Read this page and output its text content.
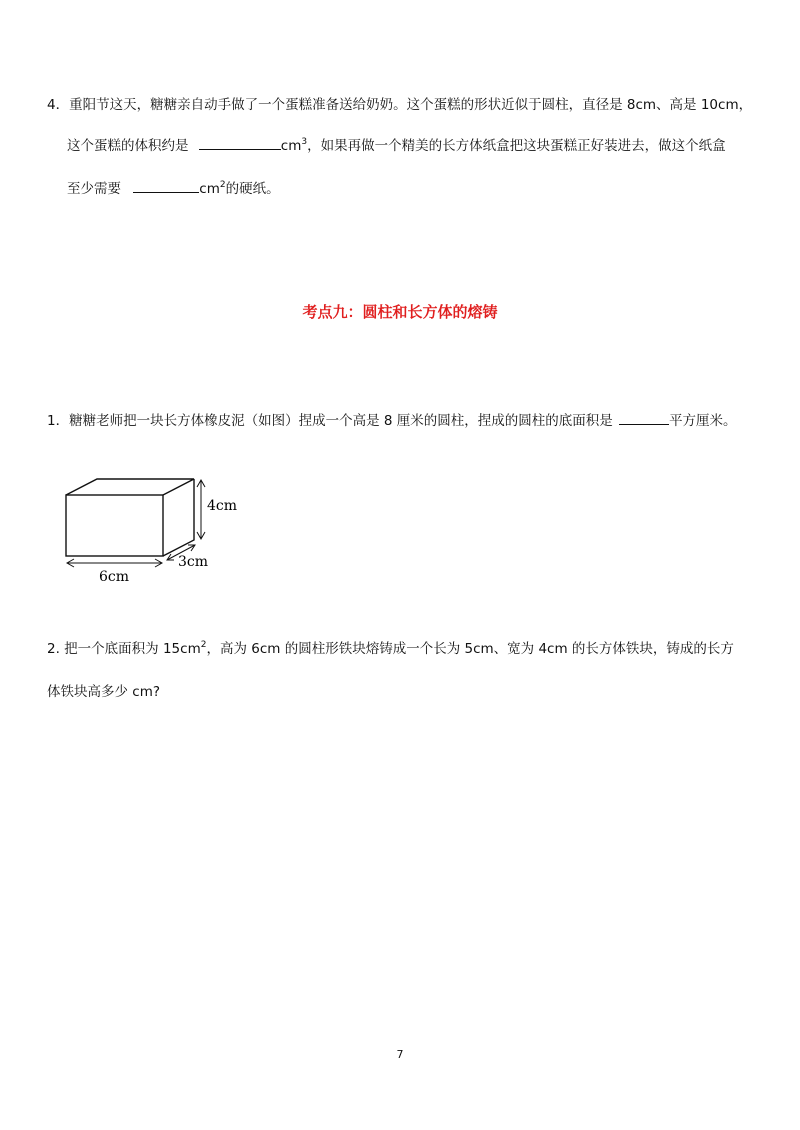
4．重阳节这天，糖糖亲自动手做了一个蛋糕准备送给奶奶。这个蛋糕的形状近似于圆柱，直径是 8cm、高是 10cm，
这个蛋糕的体积约是	$cm^3$，如果再做一个精美的长方体纸盒把这块蛋糕正好装进去，做这个纸盒
至少需要	$cm^2$的硬纸。
考点九：圆柱和长方体的熔铸
1．糖糖老师把一块长方体橡皮泥（如图）捏成一个高是 8 厘米的圆柱，捏成的圆柱的底面积是	平方厘米。
4cm
6cm
3cm
2. 把一个底面积为 $15cm^2$，高为 6cm 的圆柱形铁块熔铸成一个长为 5cm、宽为 4cm 的长方体铁块，铸成的长方
体铁块高多少 cm?
7
